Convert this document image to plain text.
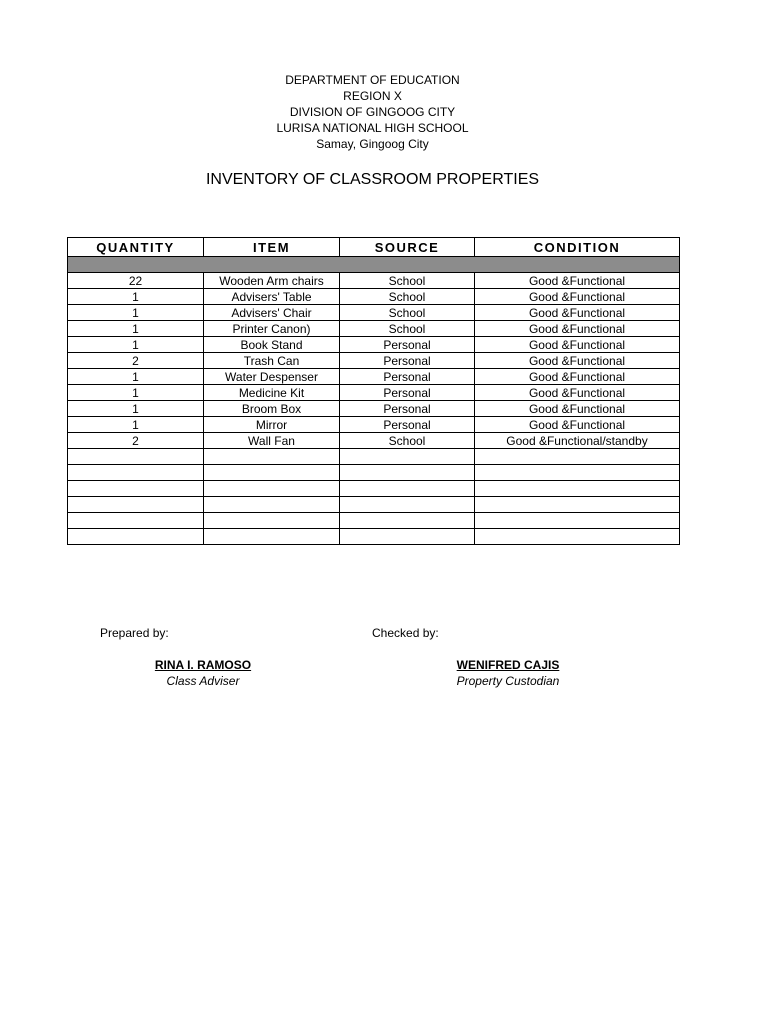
DEPARTMENT OF EDUCATION
REGION X
DIVISION OF GINGOOG CITY
LURISA NATIONAL HIGH SCHOOL
Samay, Gingoog City
INVENTORY OF CLASSROOM PROPERTIES
QUANTITY	ITEM	SOURCE	CONDITION

22	Wooden Arm chairs	School	Good &Functional
1	Advisers' Table	School	Good &Functional
1	Advisers' Chair	School	Good &Functional
1	Printer Canon)	School	Good &Functional
1	Book Stand	Personal	Good &Functional
2	Trash Can	Personal	Good &Functional
1	Water Despenser	Personal	Good &Functional
1	Medicine Kit	Personal	Good &Functional
1	Broom Box	Personal	Good &Functional
1	Mirror	Personal	Good &Functional
2	Wall Fan	School	Good &Functional/standby

Prepared by:	Checked by:
RINA I. RAMOSO	WENIFRED CAJIS
Class Adviser	Property Custodian
